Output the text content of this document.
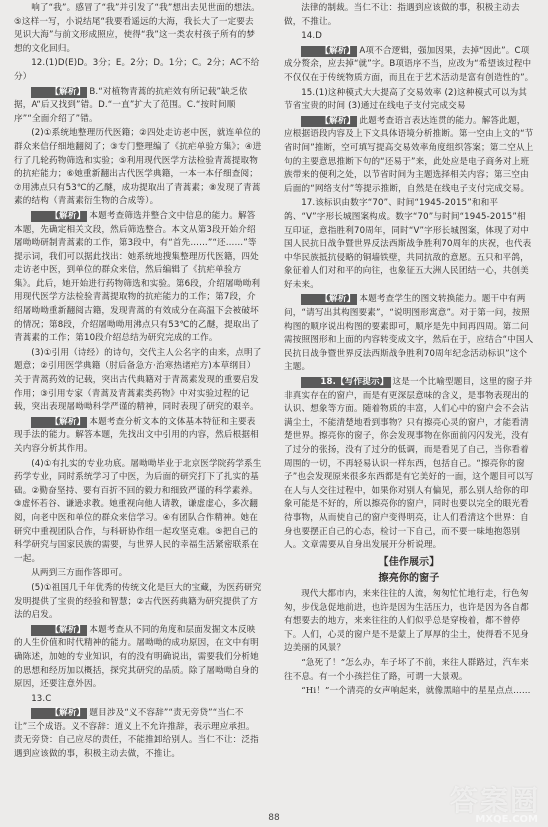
响了“我”。感冒了“我”并引发了“我”想出去见世面的想法。⑤这样一写，小说结尾“我要看遥远的大海，我长大了一定要去见识大海”与前文形成照应，使得“我”这一类农村孩子所有的梦想的文化回归。

12.(1)D(E)D。3分；E。2分；D。1分；C。2分；AC不给分）

【解析】 B.“对植物青蒿的抗疟效有所记载”缺乏依据，A“后又找到”错。D.“一直”扩大了范围。C.“按时间顺序”“全面介绍了”错。

(2)①系统地整理历代医籍；②四处走访老中医，就连单位的群众来信仔细地翻阅了；③专门整理编了《抗疟单验方集》；④进行了几轮药物筛选和实验；⑤利用现代医学方法检验青蒿提取物的抗疟能力；⑥她重新翻出古代医学典籍，一本一本仔细查阅；⑦用沸点只有53℃的乙醚，成功提取出了青蒿素；⑧发现了青蒿素的结构（青蒿素衍生物的合成等）。

【解析】 本题考查筛选并整合文中信息的能力。解答本题，先确定相关文段，然后筛选整合。本文从第3段开始介绍屠呦呦研制青蒿素的工作，第3段中，有“首先……”“还……”等提示词，我们可以据此找出：她系统地搜集整理历代医籍，四处走访老中医，到单位的群众来信，然后编辑了《抗疟单验方集》。此后，她开始进行药物筛选和实验。第6段，介绍屠呦呦利用现代医学方法检验青蒿提取物的抗疟能力的工作；第7段，介绍屠呦呦重新翻阅古籍，发现青蒿的有效成分在高温下会被破坏的情况；第8段，介绍屠呦呦用沸点只有53℃的乙醚，提取出了青蒿素的工作；第10段介绍总结为研究完成的工作。

(3)①引用（诗经）的诗句，交代主人公名字的由来，点明了题意；②引用医学典籍（肘后备急方·治寒热诸疟方)本草纲目）关于青蒿药效的记载，突出古代典籍对于青蒿素发现的重要启发作用；③引用专家（青蒿及青蒿素类药物》中对实验过程的记载，突出表现屠呦呦科学严谨的精神，同时表现了研究的艰辛。

【解析】 本题考查分析文本的文体基本特征和主要表现手法的能力。解答本题，先找出文中引用的内容，然后根据相关内容分析其作用。

(4)①有扎实的专业功底。屠呦呦毕业于北京医学院药学系生药学专业，同时系统学习了中医，为后面的研究打下了扎实的基础。②勤奋坚持、要有百折不回的毅力和细致严谨的科学素养。③虚怀若谷、谦逊求教。她重视向他人请教，谦虚虚心，多次翻阅，向老中医和单位的群众来信学习。④有团队合作精神。她在研究中重视团队合作，与科研协作组一起攻坚克难。⑤把自己的科学研究与国家民族的需要，与世界人民的幸福生活紧密联系在一起。

从两到三方面作答即可。

(5)①祖国几千年优秀的传统文化是巨大的宝藏，为医药研究发明提供了宝贵的经验和智慧；②古代医药典籍为研究提供了方法的启发。

【解析】 本题考查从不同的角度和层面发掘文本反映的人生价值和时代精神的能力。屠呦呦的成功原因，在文中有明确陈述，加她的专业知识，有的没有明确说出，需要我们分析她的思想和经历加以概括，探究其研究的品质。除了屠呦呦自身的原因，还要注意外因。

13.C

【解析】 题目涉及“义不容辞”“责无旁贷”“当仁不让”三个成语。义不容辞：道义上不允许推辞，表示理应承担。责无旁贷：自己应尽的责任，不能推卸给别人。当仁不让：泛指遇到应该做的事，积极主动去做，不推让。

法律的制裁。当仁不让：指遇到应该做的事，积极主动去做，不推让。

14.D

【解析】 A项不合逻辑，强加因果，去掉“因此”。C项成分赘余，应去掉“就”字。B项语序不当，应改为“希望该过程中不仅仅在于传统物质方面，而且在于艺术活动是富有创造性的”。

15.(1)这种模式大大提高了交易效率 (2)这种模式可以为其节省宝贵的时间 (3)通过在线电子支付完成交易

【解析】 此题考查语言表达连贯的能力。解答此题，应根据语段内容及上下文具体语境分析推断。第一空由上文的“节省时间”推断，空可填写提高交易效率角度组织答案；第二空从上句的主要意思推断下句的“还易于”来，此处应是电子商务对上班族带来的便利之处，以节省时间为主题选择相关内容；第三空由后面的“网络支付”等提示推断，自然是在线电子支付完成交易。

17.该标识由数字“70”、时间“1945-2015”和和平鸽、“V”字形长城图案构成。数字“70”与时间“1945-2015”相互印证，意指胜利70周年，同时“V”字形长城图案，体现了对中国人民抗日战争暨世界反法西斯战争胜利70周年的庆祝，也代表中华民族抵抗侵略的铜墙铁壁，共同抗敌的意愿。五只和平鸽，象征着人们对和平的向往，也象征五大洲人民团结一心，共创美好未来。

【解析】 本题考查学生的图文转换能力。题干中有两问，“请写出其构图要素”，“说明图形寓意”。对于第一问，按照构图的顺序说出构图的要素即可，顺序是先中间再四周。第二问需按照图形和上面的内容转变成文字，然后在于，应结合“中国人民抗日战争暨世界反法西斯战争胜利70周年纪念活动标识”这个主题。

18.【写作提示】 这是一个比喻型题目，这里的窗子并非真实存在的窗户，而是有更深层意味的含义，是事物表现出的认识、想象等方面。随着物质的丰富，人们心中的窗户会不会沾满尘土，不能清楚地看到事物？只有擦亮心灵的窗户，才能看清楚世界。擦亮你的窗子，你会发现事物在你面前闪闪发光，没有了过分的张扬，没有了过分的低调，而是看见了自己，当你看着周围的一切，不再轻易认识一样东西，包括自己。“擦亮你的窗子”也会发现原来很多东西都是有它美好的一面，这个题目可以写在人与人交往过程中，如果你对别人有偏见，那么别人给你的印象可能是不好的，所以擦亮你的窗户，同时也要以完全的眼光看待事物，从而使自己的窗户变得明亮，让人们看清这个世界：自身也要摆正自己的心态，检讨一下自己，而不要一味地抱怨别人。文章需要从自身出发展开分析说理。

【佳作展示】
擦亮你的窗子

现代大都市内，来来往往的人流，匆匆忙忙地行走，行色匆匆，步伐急促地前进，也许是因为生活压力，也许是因为各自都有想要去的地方，来来往往的人们似乎总是穿梭着，都不曾停下。人们，心灵的窗户是不是蒙上了厚厚的尘土，使得看不见身边美丽的风景？

“急死了！”怎么办，车子坏了不前，来往人群路过，汽车来往不息。有一个小孩拦住了路，可谓一大景观。

“Hi！”一个清亮的女声响起来，就像黑暗中的星星点点……

88
答案圈
MXQE.COM
